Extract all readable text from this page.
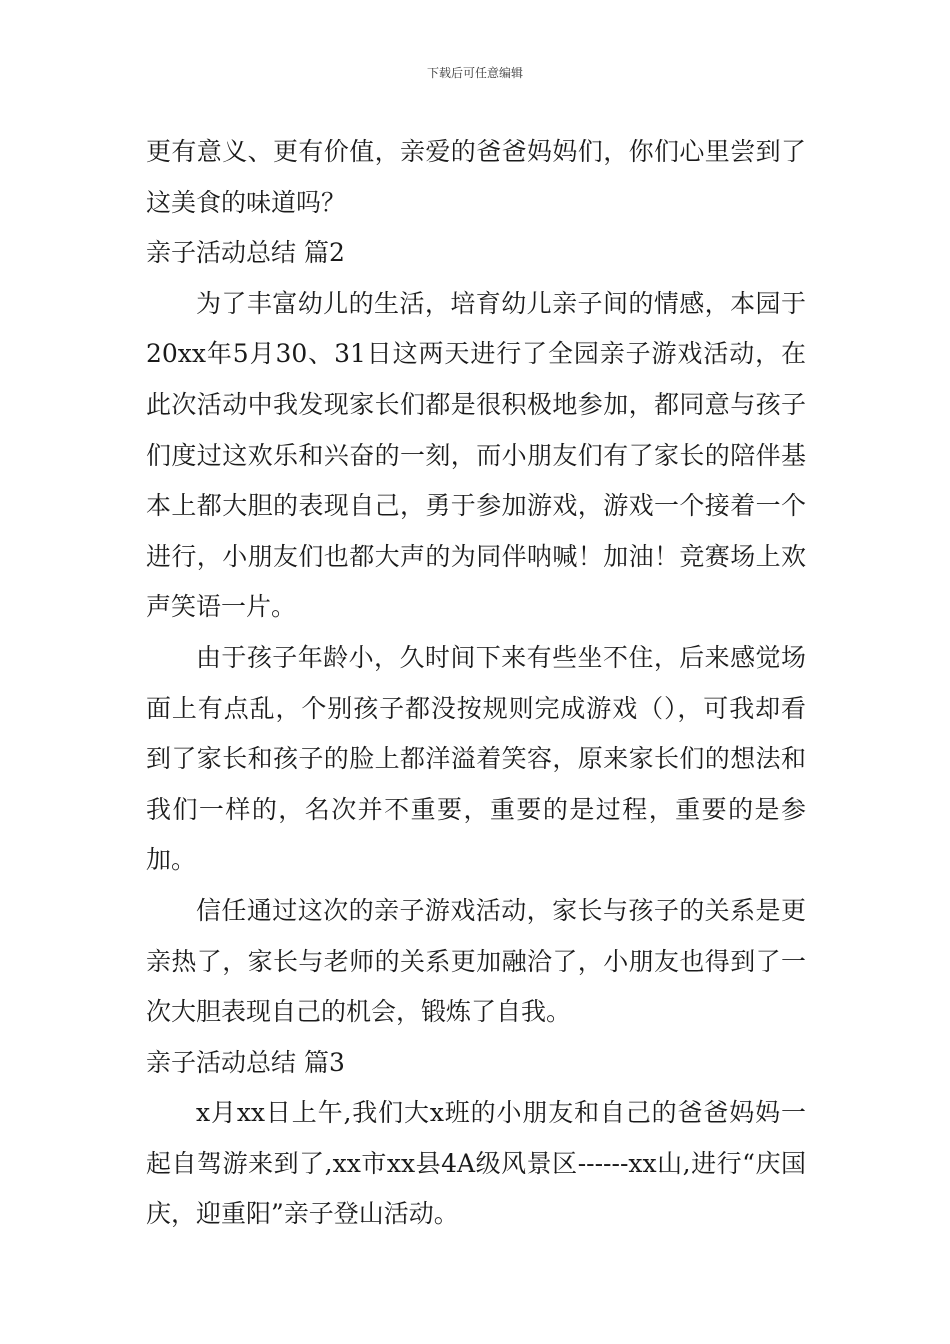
下载后可任意编辑

更有意义、更有价值，亲爱的爸爸妈妈们，你们心里尝到了这美食的味道吗？

亲子活动总结 篇2

为了丰富幼儿的生活，培育幼儿亲子间的情感，本园于20xx年5月30、31日这两天进行了全园亲子游戏活动，在此次活动中我发现家长们都是很积极地参加，都同意与孩子们度过这欢乐和兴奋的一刻，而小朋友们有了家长的陪伴基本上都大胆的表现自己，勇于参加游戏，游戏一个接着一个进行，小朋友们也都大声的为同伴呐喊！加油！竞赛场上欢声笑语一片。

由于孩子年龄小，久时间下来有些坐不住，后来感觉场面上有点乱，个别孩子都没按规则完成游戏（），可我却看到了家长和孩子的脸上都洋溢着笑容，原来家长们的想法和我们一样的，名次并不重要，重要的是过程，重要的是参加。

信任通过这次的亲子游戏活动，家长与孩子的关系是更亲热了，家长与老师的关系更加融洽了，小朋友也得到了一次大胆表现自己的机会，锻炼了自我。

亲子活动总结 篇3

x月xx日上午,我们大x班的小朋友和自己的爸爸妈妈一起自驾游来到了,xx市xx县4A级风景区------xx山,进行“庆国庆，迎重阳”亲子登山活动。
